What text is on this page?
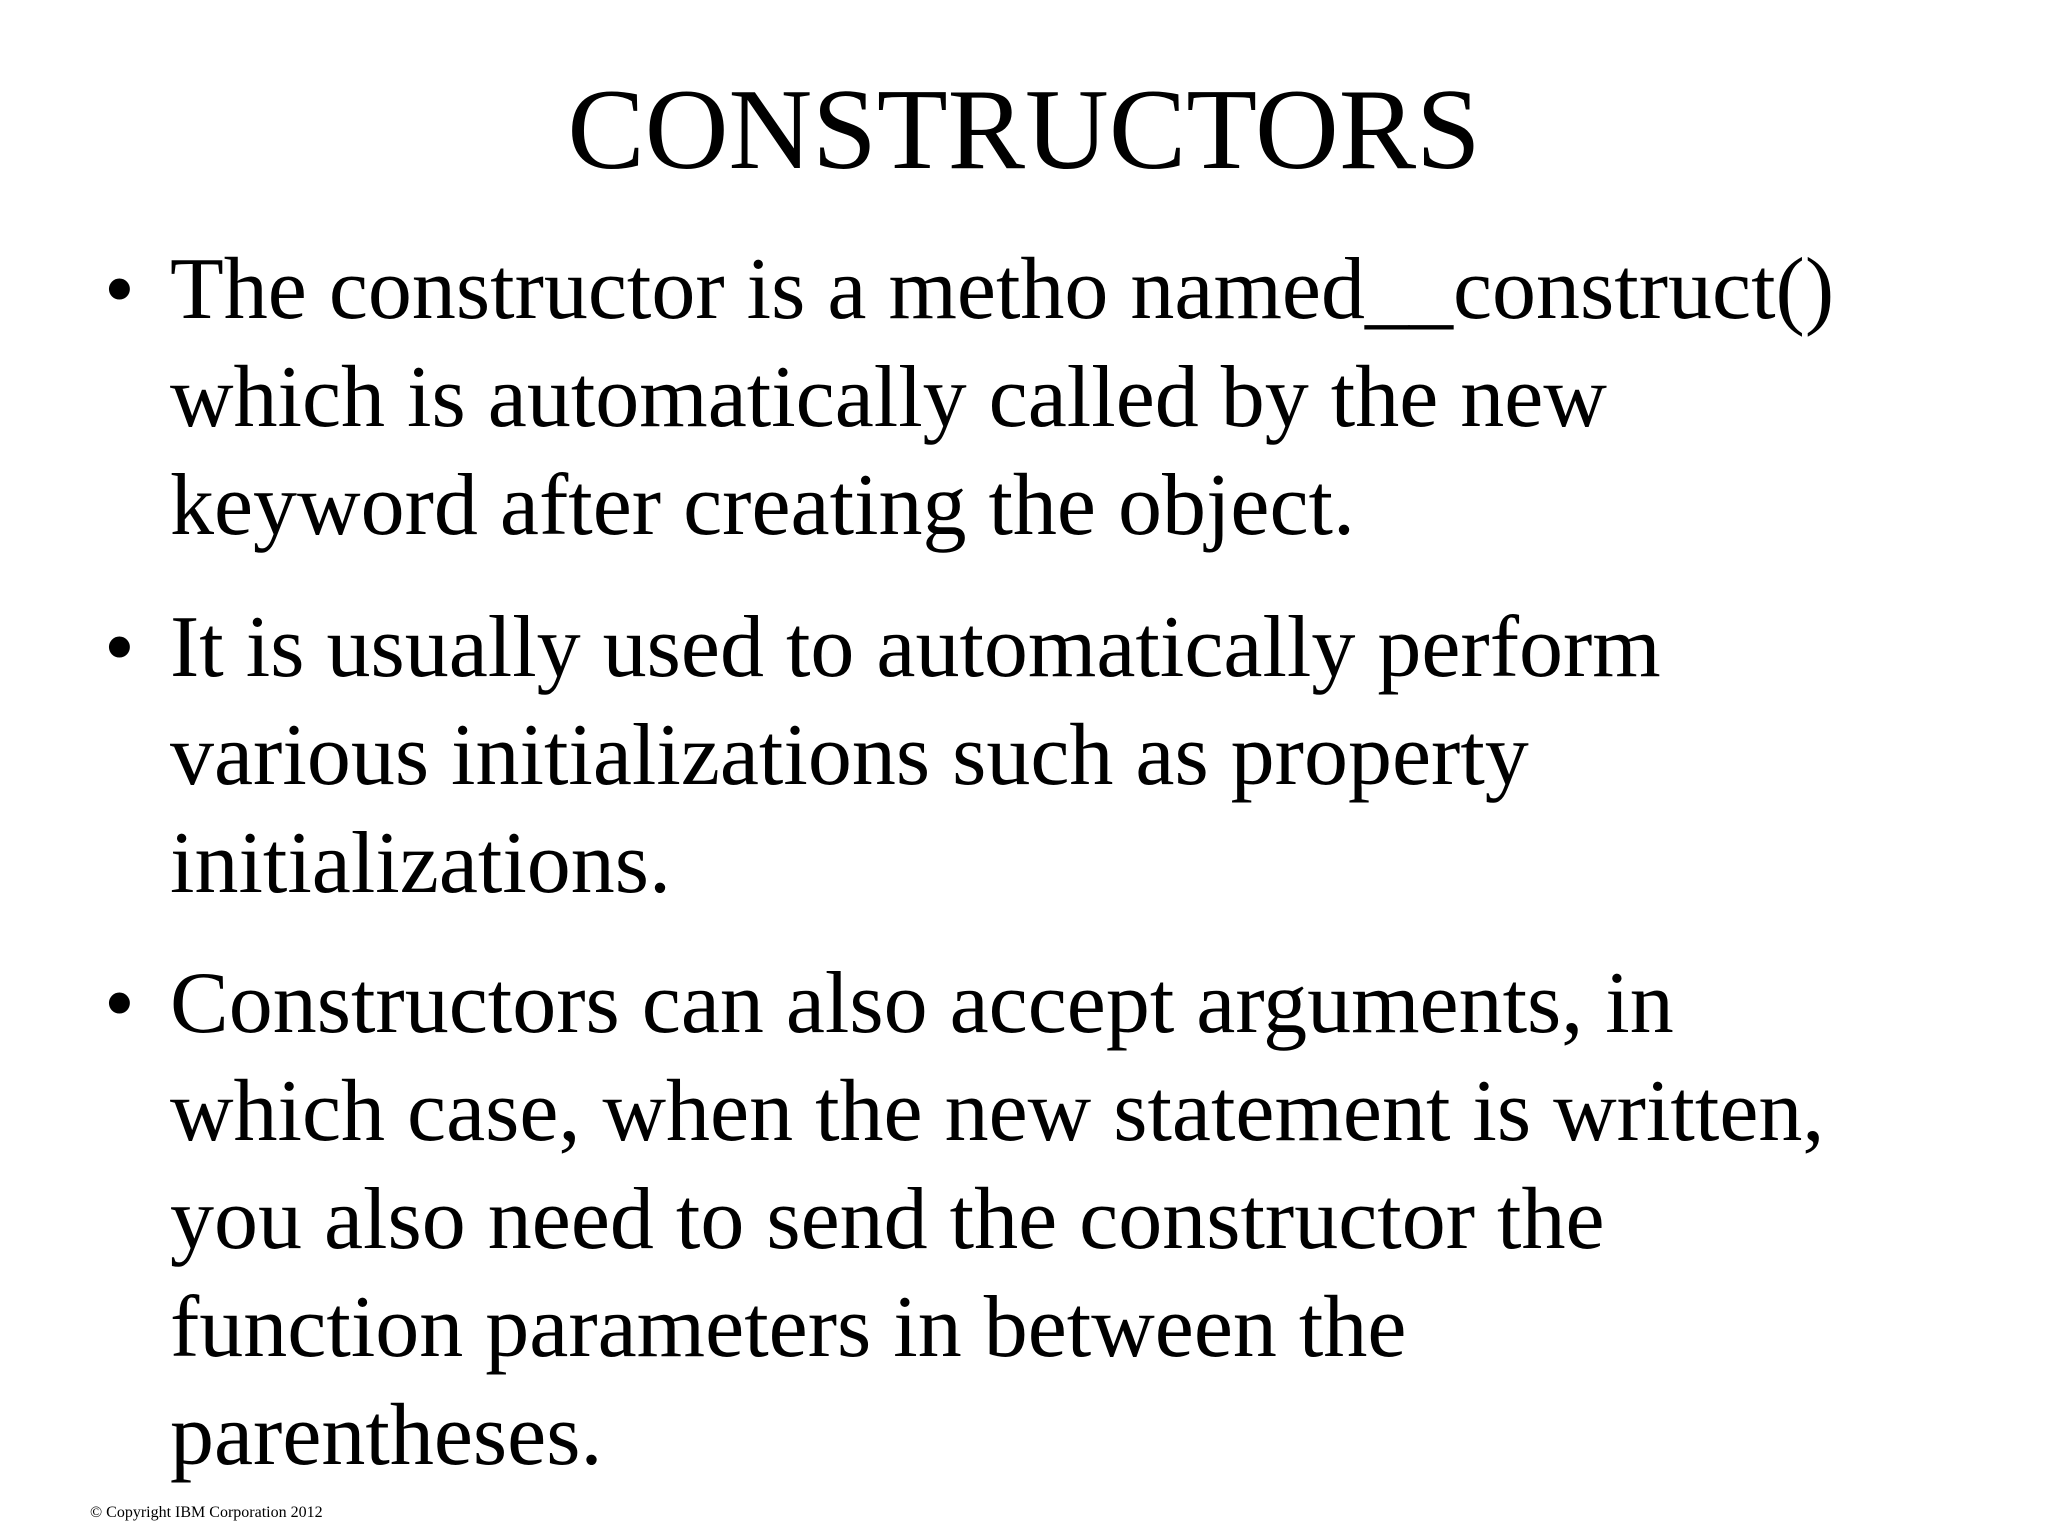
CONSTRUCTORS
• The constructor is a metho named__construct()
which is automatically called by the new
keyword after creating the object.
• It is usually used to automatically perform
various initializations such as property
initializations.
• Constructors can also accept arguments, in
which case, when the new statement is written,
you also need to send the constructor the
function parameters in between the
parentheses.
© Copyright IBM Corporation 2012
